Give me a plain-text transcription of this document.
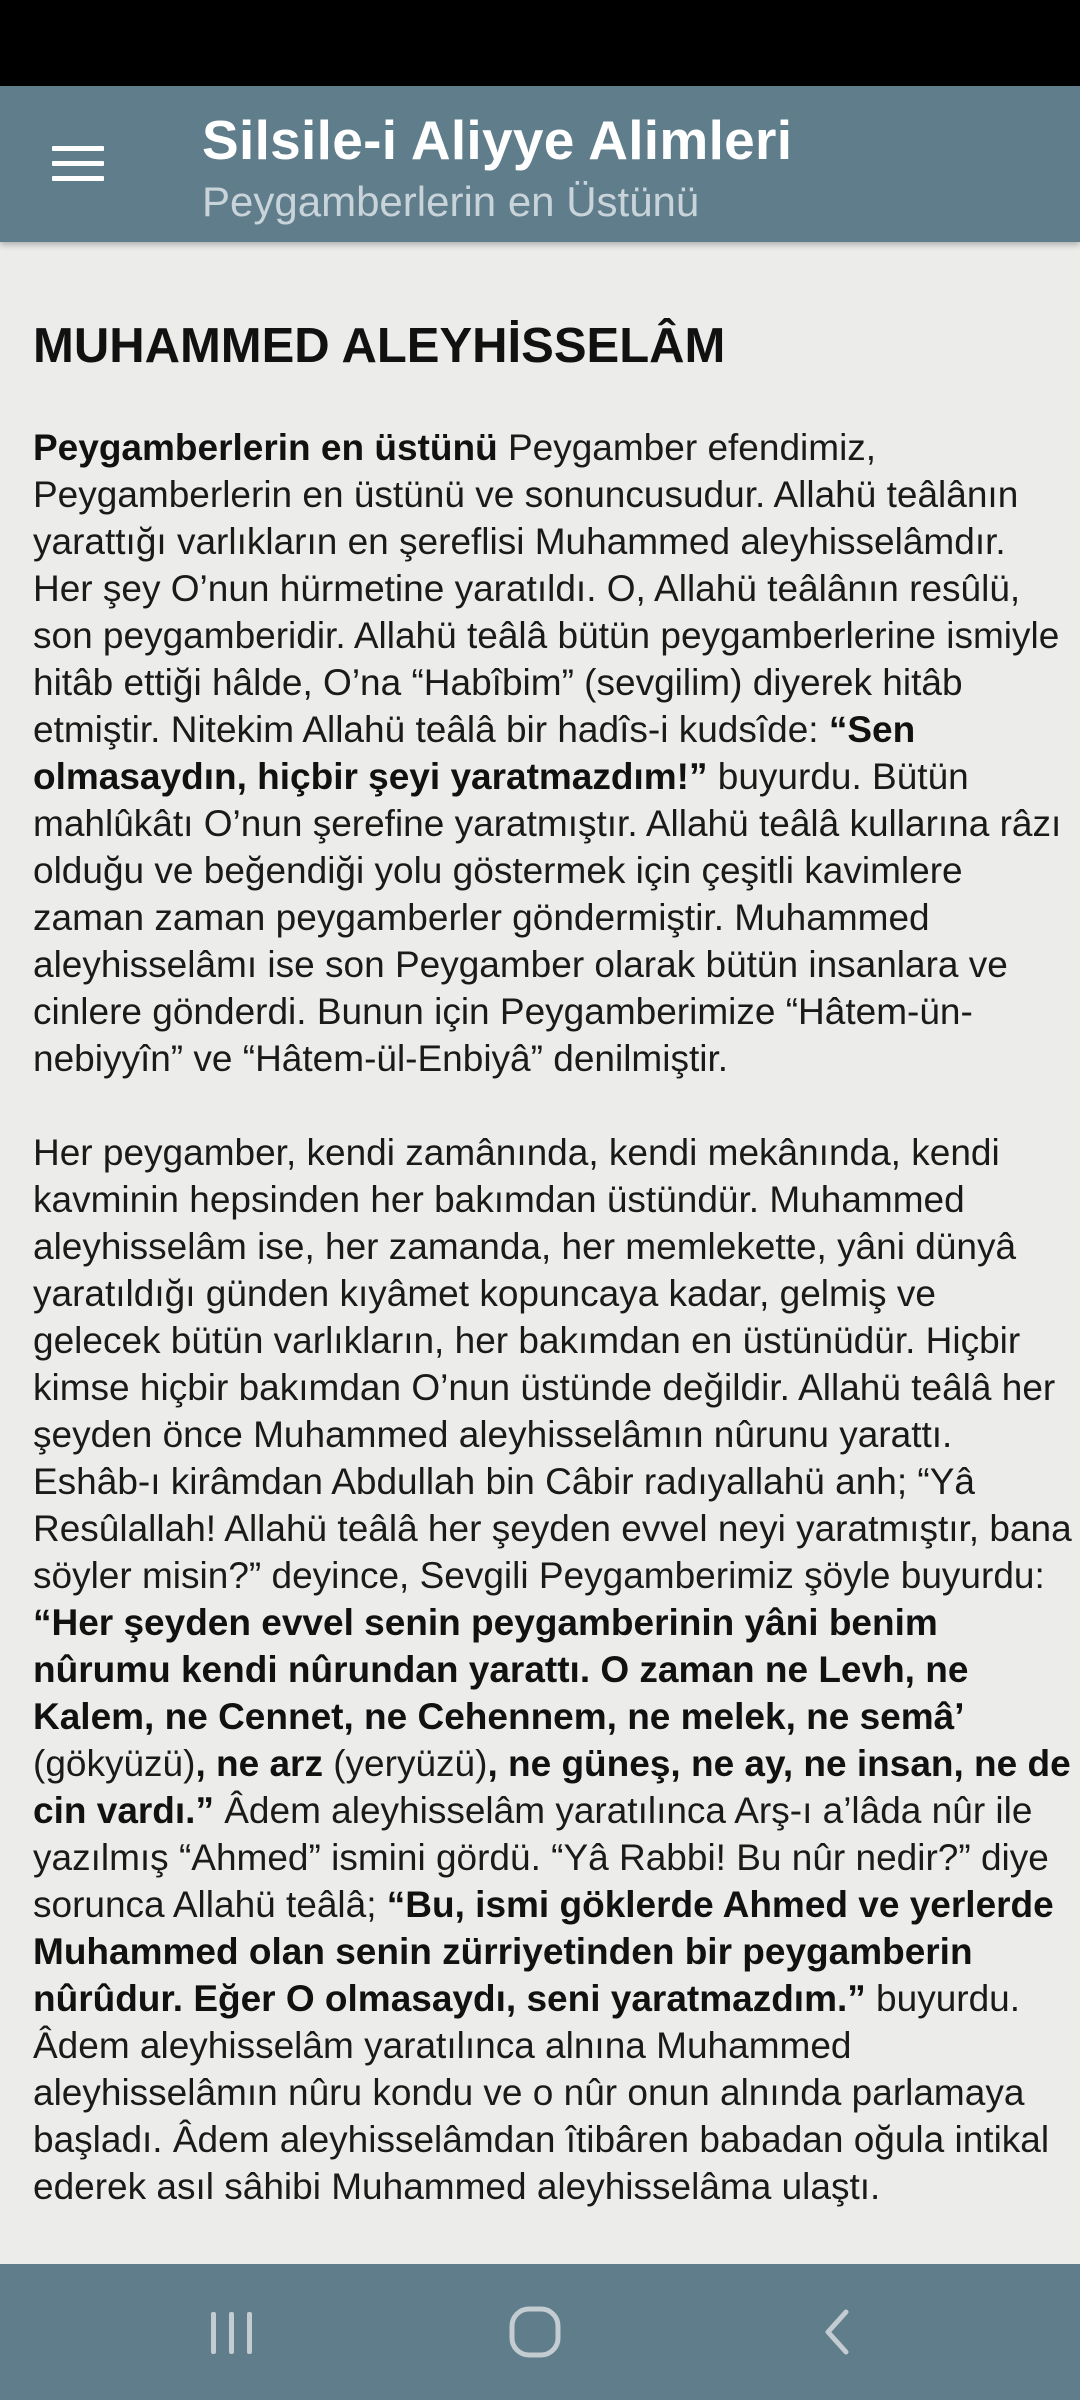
Silsile-i Aliyye Alimleri
Peygamberlerin en Üstünü
MUHAMMED ALEYHİSSELÂM

Peygamberlerin en üstünü Peygamber efendimiz, Peygamberlerin en üstünü ve sonuncusudur. Allahü teâlânın yarattığı varlıkların en şereflisi Muhammed aleyhisselâmdır. Her şey O’nun hürmetine yaratıldı. O, Allahü teâlânın resûlü, son peygamberidir. Allahü teâlâ bütün peygamberlerine ismiyle hitâb ettiği hâlde, O’na “Habîbim” (sevgilim) diyerek hitâb etmiştir. Nitekim Allahü teâlâ bir hadîs-i kudsîde: “Sen olmasaydın, hiçbir şeyi yaratmazdım!” buyurdu. Bütün mahlûkâtı O’nun şerefine yaratmıştır. Allahü teâlâ kullarına râzı olduğu ve beğendiği yolu göstermek için çeşitli kavimlere zaman zaman peygamberler göndermiştir. Muhammed aleyhisselâmı ise son Peygamber olarak bütün insanlara ve cinlere gönderdi. Bunun için Peygamberimize “Hâtem-ün-nebiyyîn” ve “Hâtem-ül-Enbiyâ” denilmiştir.

Her peygamber, kendi zamânında, kendi mekânında, kendi kavminin hepsinden her bakımdan üstündür. Muhammed aleyhisselâm ise, her zamanda, her memlekette, yâni dünyâ yaratıldığı günden kıyâmet kopuncaya kadar, gelmiş ve gelecek bütün varlıkların, her bakımdan en üstünüdür. Hiçbir kimse hiçbir bakımdan O’nun üstünde değildir. Allahü teâlâ her şeyden önce Muhammed aleyhisselâmın nûrunu yarattı. Eshâb-ı kirâmdan Abdullah bin Câbir radıyallahü anh; “Yâ Resûlallah! Allahü teâlâ her şeyden evvel neyi yaratmıştır, bana söyler misin?” deyince, Sevgili Peygamberimiz şöyle buyurdu: “Her şeyden evvel senin peygamberinin yâni benim nûrumu kendi nûrundan yarattı. O zaman ne Levh, ne Kalem, ne Cennet, ne Cehennem, ne melek, ne semâ’ (gökyüzü), ne arz (yeryüzü), ne güneş, ne ay, ne insan, ne de cin vardı.” Âdem aleyhisselâm yaratılınca Arş-ı a’lâda nûr ile yazılmış “Ahmed” ismini gördü. “Yâ Rabbi! Bu nûr nedir?” diye sorunca Allahü teâlâ; “Bu, ismi göklerde Ahmed ve yerlerde Muhammed olan senin zürriyetinden bir peygamberin nûrûdur. Eğer O olmasaydı, seni yaratmazdım.” buyurdu. Âdem aleyhisselâm yaratılınca alnına Muhammed aleyhisselâmın nûru kondu ve o nûr onun alnında parlamaya başladı. Âdem aleyhisselâmdan îtibâren babadan oğula intikal ederek asıl sâhibi Muhammed aleyhisselâma ulaştı.
